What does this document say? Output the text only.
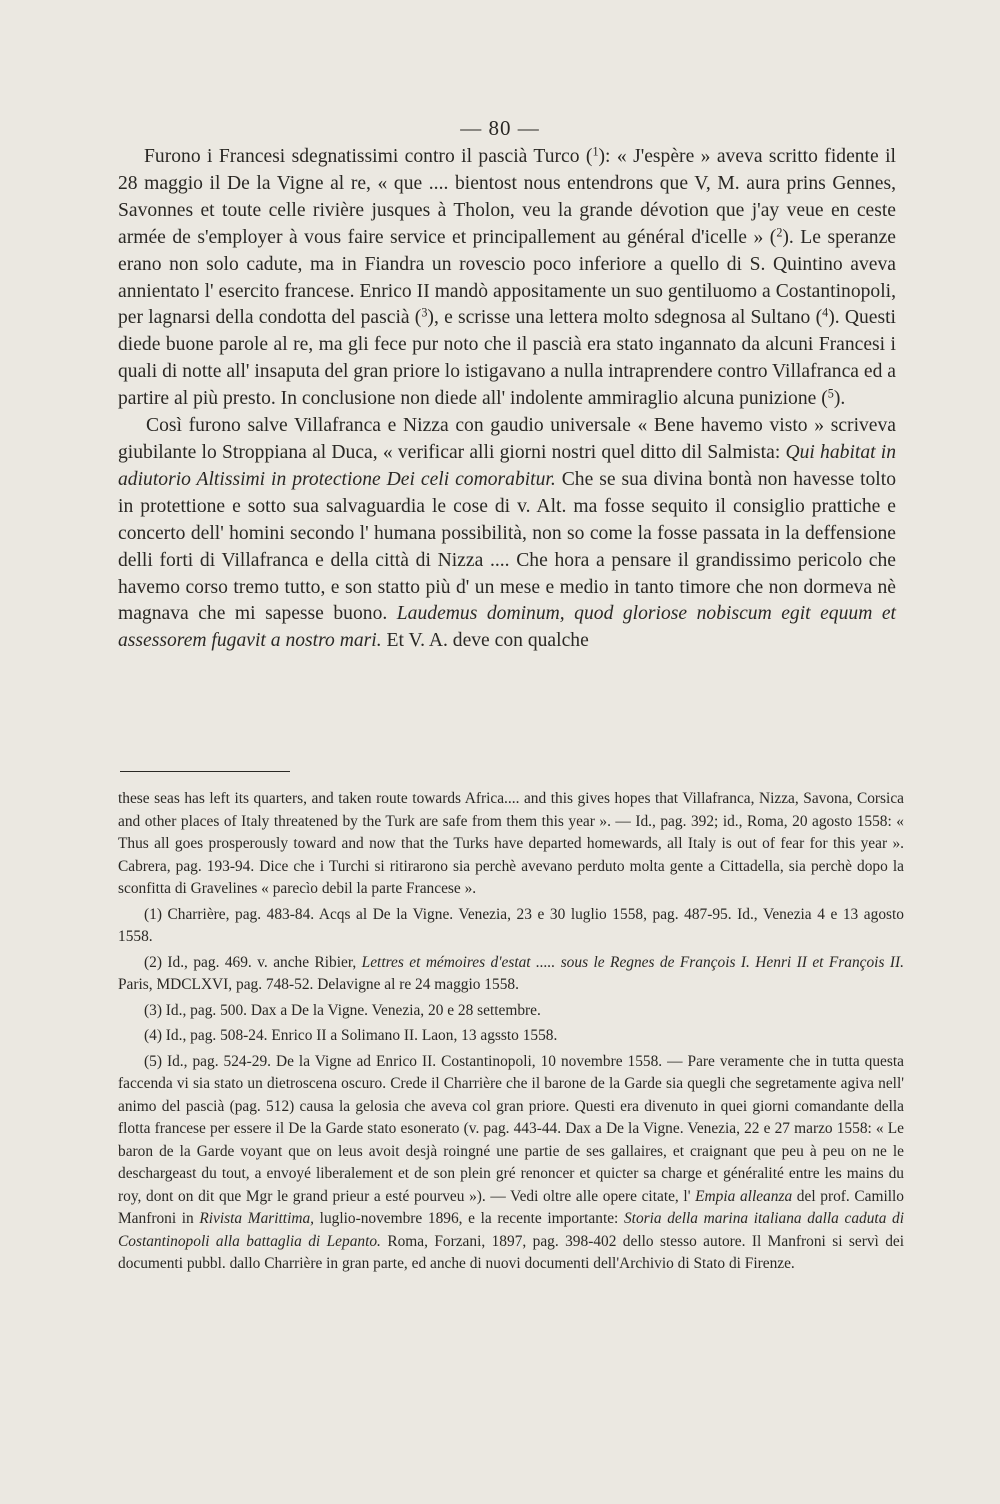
— 80 —

Furono i Francesi sdegnatissimi contro il pascià Turco ($^1$): « J'espère » aveva scritto fidente il 28 maggio il De la Vigne al re, « que .... bientost nous entendrons que V, M. aura prins Gennes, Savonnes et toute celle rivière jusques à Tholon, veu la grande dévotion que j'ay veue en ceste armée de s'employer à vous faire service et principallement au général d'icelle » ($^2$). Le speranze erano non solo cadute, ma in Fiandra un rovescio poco inferiore a quello di S. Quintino aveva annientato l' esercito francese. Enrico II mandò appositamente un suo gentiluomo a Costantinopoli, per lagnarsi della condotta del pascià ($^3$), e scrisse una lettera molto sdegnosa al Sultano ($^4$). Questi diede buone parole al re, ma gli fece pur noto che il pascià era stato ingannato da alcuni Francesi i quali di notte all' insaputa del gran priore lo istigavano a nulla intraprendere contro Villafranca ed a partire al più presto. In conclusione non diede all' indolente ammiraglio alcuna punizione ($^5$).

Così furono salve Villafranca e Nizza con gaudio universale « Bene havemo visto » scriveva giubilante lo Stroppiana al Duca, « verificar alli giorni nostri quel ditto dil Salmista: Qui habitat in adiutorio Altissimi in protectione Dei celi comorabitur. Che se sua divina bontà non havesse tolto in protettione e sotto sua salvaguardia le cose di v. Alt. ma fosse sequito il consiglio prattiche e concerto dell' homini secondo l' humana possibilità, non so come la fosse passata in la deffensione delli forti di Villafranca e della città di Nizza .... Che hora a pensare il grandissimo pericolo che havemo corso tremo tutto, e son statto più d' un mese e medio in tanto timore che non dormeva nè magnava che mi sapesse buono. Laudemus dominum, quod gloriose nobiscum egit equum et assessorem fugavit a nostro mari. Et V. A. deve con qualche

these seas has left its quarters, and taken route towards Africa.... and this gives hopes that Villafranca, Nizza, Savona, Corsica and other places of Italy threatened by the Turk are safe from them this year ». — Id., pag. 392; id., Roma, 20 agosto 1558: « Thus all goes prosperously toward and now that the Turks have departed homewards, all Italy is out of fear for this year ». Cabrera, pag. 193-94. Dice che i Turchi si ritirarono sia perchè avevano perduto molta gente a Cittadella, sia perchè dopo la sconfitta di Gravelines « parecìo debil la parte Francese ».

(1) Charrière, pag. 483-84. Acqs al De la Vigne. Venezia, 23 e 30 luglio 1558, pag. 487-95. Id., Venezia 4 e 13 agosto 1558.

(2) Id., pag. 469. v. anche Ribier, Lettres et mémoires d'estat ..... sous le Regnes de François I. Henri II et François II. Paris, MDCLXVI, pag. 748-52. Delavigne al re 24 maggio 1558.

(3) Id., pag. 500. Dax a De la Vigne. Venezia, 20 e 28 settembre.

(4) Id., pag. 508-24. Enrico II a Solimano II. Laon, 13 agssto 1558.

(5) Id., pag. 524-29. De la Vigne ad Enrico II. Costantinopoli, 10 novembre 1558. — Pare veramente che in tutta questa faccenda vi sia stato un dietroscena oscuro. Crede il Charrière che il barone de la Garde sia quegli che segretamente agiva nell' animo del pascià (pag. 512) causa la gelosia che aveva col gran priore. Questi era divenuto in quei giorni comandante della flotta francese per essere il De la Garde stato esonerato (v. pag. 443-44. Dax a De la Vigne. Venezia, 22 e 27 marzo 1558: « Le baron de la Garde voyant que on leus avoit desjà roingné une partie de ses gallaires, et craignant que peu à peu on ne le deschargeast du tout, a envoyé liberalement et de son plein gré renoncer et quicter sa charge et généralité entre les mains du roy, dont on dit que Mgr le grand prieur a esté pourveu »). — Vedi oltre alle opere citate, l' Empia alleanza del prof. Camillo Manfroni in Rivista Marittima, luglio-novembre 1896, e la recente importante: Storia della marina italiana dalla caduta di Costantinopoli alla battaglia di Lepanto. Roma, Forzani, 1897, pag. 398-402 dello stesso autore. Il Manfroni si servì dei documenti pubbl. dallo Charrière in gran parte, ed anche di nuovi documenti dell'Archivio di Stato di Firenze.
